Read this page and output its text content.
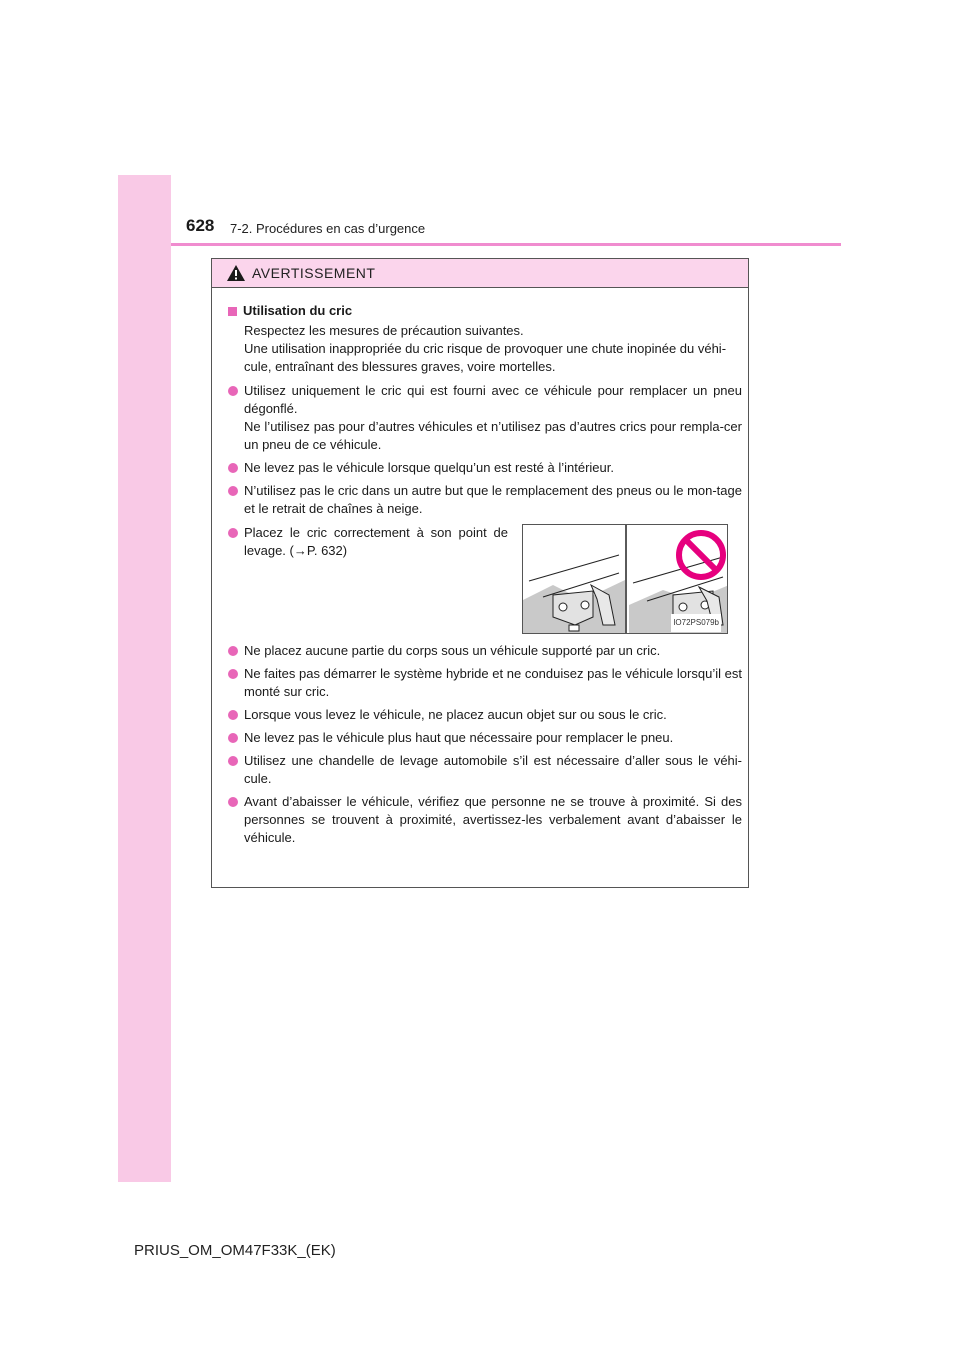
628 7-2. Procédures en cas d’urgence
AVERTISSEMENT
Utilisation du cric

Respectez les mesures de précaution suivantes.

Une utilisation inappropriée du cric risque de provoquer une chute inopinée du véhi-cule, entraînant des blessures graves, voire mortelles.

Utilisez uniquement le cric qui est fourni avec ce véhicule pour remplacer un pneu dégonflé.

Ne l’utilisez pas pour d’autres véhicules et n’utilisez pas d’autres crics pour rempla-cer un pneu de ce véhicule.

Ne levez pas le véhicule lorsque quelqu’un est resté à l’intérieur.

N’utilisez pas le cric dans un autre but que le remplacement des pneus ou le mon-tage et le retrait de chaînes à neige.

Placez le cric correctement à son point de levage. (→P. 632)
IO72PS079b
Ne placez aucune partie du corps sous un véhicule supporté par un cric.
Ne faites pas démarrer le système hybride et ne conduisez pas le véhicule lorsqu’il est monté sur cric.
Lorsque vous levez le véhicule, ne placez aucun objet sur ou sous le cric.
Ne levez pas le véhicule plus haut que nécessaire pour remplacer le pneu.
Utilisez une chandelle de levage automobile s’il est nécessaire d’aller sous le véhi-cule.
Avant d’abaisser le véhicule, vérifiez que personne ne se trouve à proximité. Si des personnes se trouvent à proximité, avertissez-les verbalement avant d’abaisser le véhicule.
PRIUS_OM_OM47F33K_(EK)
